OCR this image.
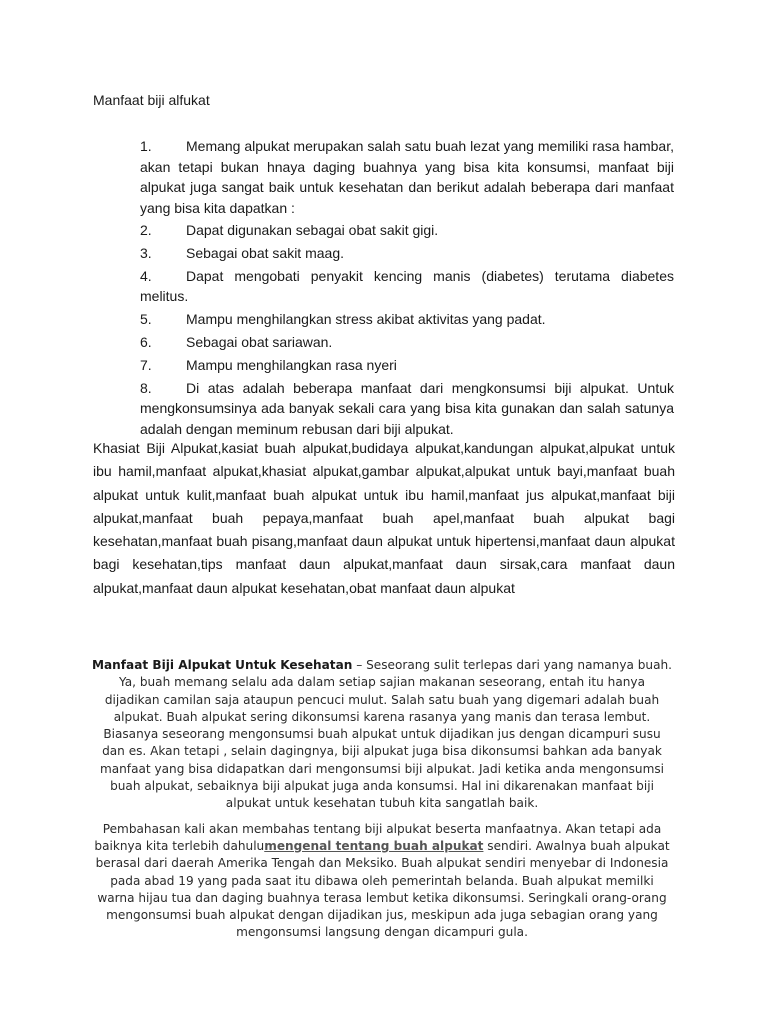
Manfaat biji alfukat
1. Memang alpukat merupakan salah satu buah lezat yang memiliki rasa hambar, akan tetapi bukan hnaya daging buahnya yang bisa kita konsumsi, manfaat biji alpukat juga sangat baik untuk kesehatan dan berikut adalah beberapa dari manfaat yang bisa kita dapatkan :
2. Dapat digunakan sebagai obat sakit gigi.
3. Sebagai obat sakit maag.
4. Dapat mengobati penyakit kencing manis (diabetes) terutama diabetes melitus.
5. Mampu menghilangkan stress akibat aktivitas yang padat.
6. Sebagai obat sariawan.
7. Mampu menghilangkan rasa nyeri
8. Di atas adalah beberapa manfaat dari mengkonsumsi biji alpukat. Untuk mengkonsumsinya ada banyak sekali cara yang bisa kita gunakan dan salah satunya adalah dengan meminum rebusan dari biji alpukat.

Khasiat Biji Alpukat,kasiat buah alpukat,budidaya alpukat,kandungan alpukat,alpukat untuk ibu hamil,manfaat alpukat,khasiat alpukat,gambar alpukat,alpukat untuk bayi,manfaat buah alpukat untuk kulit,manfaat buah alpukat untuk ibu hamil,manfaat jus alpukat,manfaat biji alpukat,manfaat buah pepaya,manfaat buah apel,manfaat buah alpukat bagi kesehatan,manfaat buah pisang,manfaat daun alpukat untuk hipertensi,manfaat daun alpukat bagi kesehatan,tips manfaat daun alpukat,manfaat daun sirsak,cara manfaat daun alpukat,manfaat daun alpukat kesehatan,obat manfaat daun alpukat

Manfaat Biji Alpukat Untuk Kesehatan – Seseorang sulit terlepas dari yang namanya buah. Ya, buah memang selalu ada dalam setiap sajian makanan seseorang, entah itu hanya dijadikan camilan saja ataupun pencuci mulut. Salah satu buah yang digemari adalah buah alpukat. Buah alpukat sering dikonsumsi karena rasanya yang manis dan terasa lembut. Biasanya seseorang mengonsumsi buah alpukat untuk dijadikan jus dengan dicampuri susu dan es. Akan tetapi , selain dagingnya, biji alpukat juga bisa dikonsumsi bahkan ada banyak manfaat yang bisa didapatkan dari mengonsumsi biji alpukat. Jadi ketika anda mengonsumsi buah alpukat, sebaiknya biji alpukat juga anda konsumsi. Hal ini dikarenakan manfaat biji alpukat untuk kesehatan tubuh kita sangatlah baik.

Pembahasan kali akan membahas tentang biji alpukat beserta manfaatnya. Akan tetapi ada baiknya kita terlebih dahulumengenal tentang buah alpukat sendiri. Awalnya buah alpukat berasal dari daerah Amerika Tengah dan Meksiko. Buah alpukat sendiri menyebar di Indonesia pada abad 19 yang pada saat itu dibawa oleh pemerintah belanda. Buah alpukat memilki warna hijau tua dan daging buahnya terasa lembut ketika dikonsumsi. Seringkali orang-orang mengonsumsi buah alpukat dengan dijadikan jus, meskipun ada juga sebagian orang yang mengonsumsi langsung dengan dicampuri gula.
